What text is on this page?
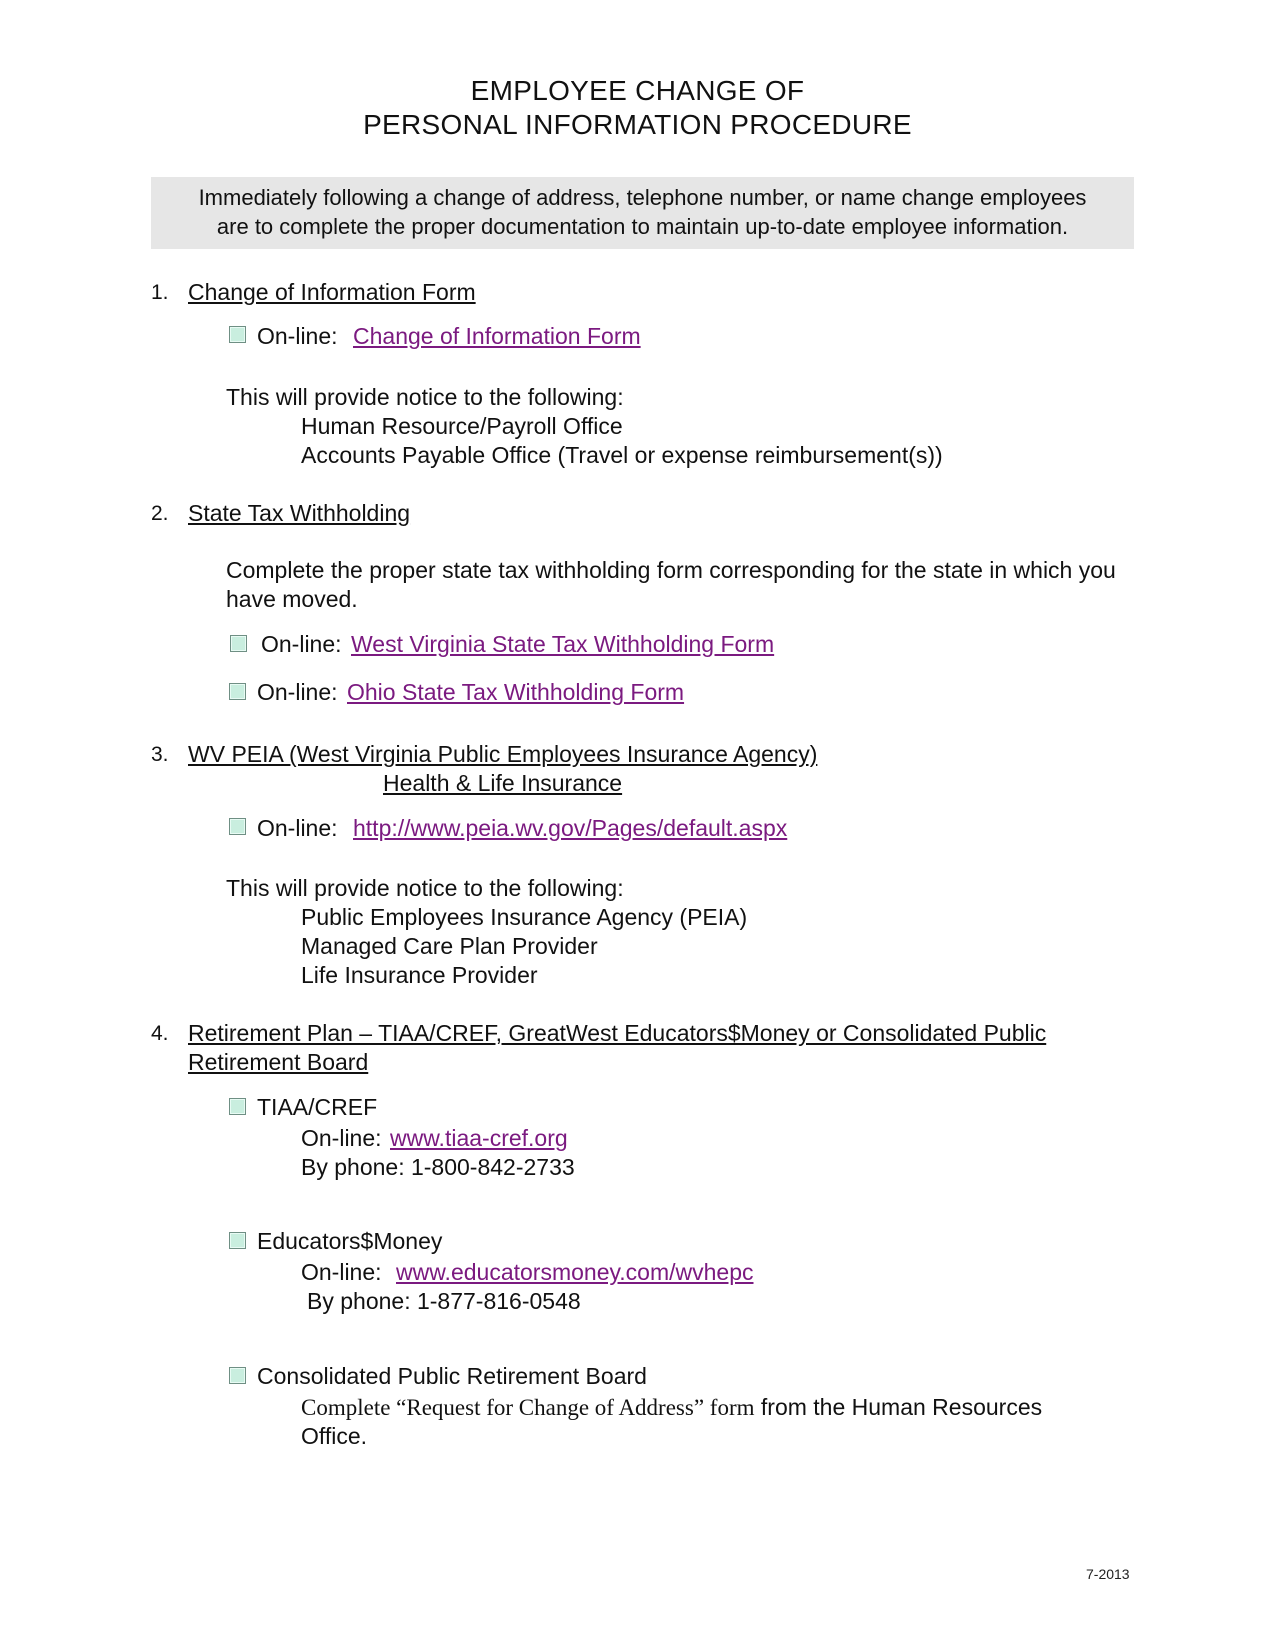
EMPLOYEE CHANGE OF
PERSONAL INFORMATION PROCEDURE
Immediately following a change of address, telephone number, or name change employees
are to complete the proper documentation to maintain up-to-date employee information.
1. Change of Information Form
On-line: Change of Information Form
This will provide notice to the following:
Human Resource/Payroll Office
Accounts Payable Office (Travel or expense reimbursement(s))
2. State Tax Withholding
Complete the proper state tax withholding form corresponding for the state in which you
have moved.
On-line: West Virginia State Tax Withholding Form
On-line: Ohio State Tax Withholding Form
3. WV PEIA (West Virginia Public Employees Insurance Agency)
Health & Life Insurance
On-line: http://www.peia.wv.gov/Pages/default.aspx
This will provide notice to the following:
Public Employees Insurance Agency (PEIA)
Managed Care Plan Provider
Life Insurance Provider
4. Retirement Plan – TIAA/CREF, GreatWest Educators$Money or Consolidated Public
Retirement Board
TIAA/CREF
On-line: www.tiaa-cref.org
By phone: 1-800-842-2733
Educators$Money
On-line: www.educatorsmoney.com/wvhepc
By phone: 1-877-816-0548
Consolidated Public Retirement Board
Complete “Request for Change of Address” form from the Human Resources
Office.
7-2013
